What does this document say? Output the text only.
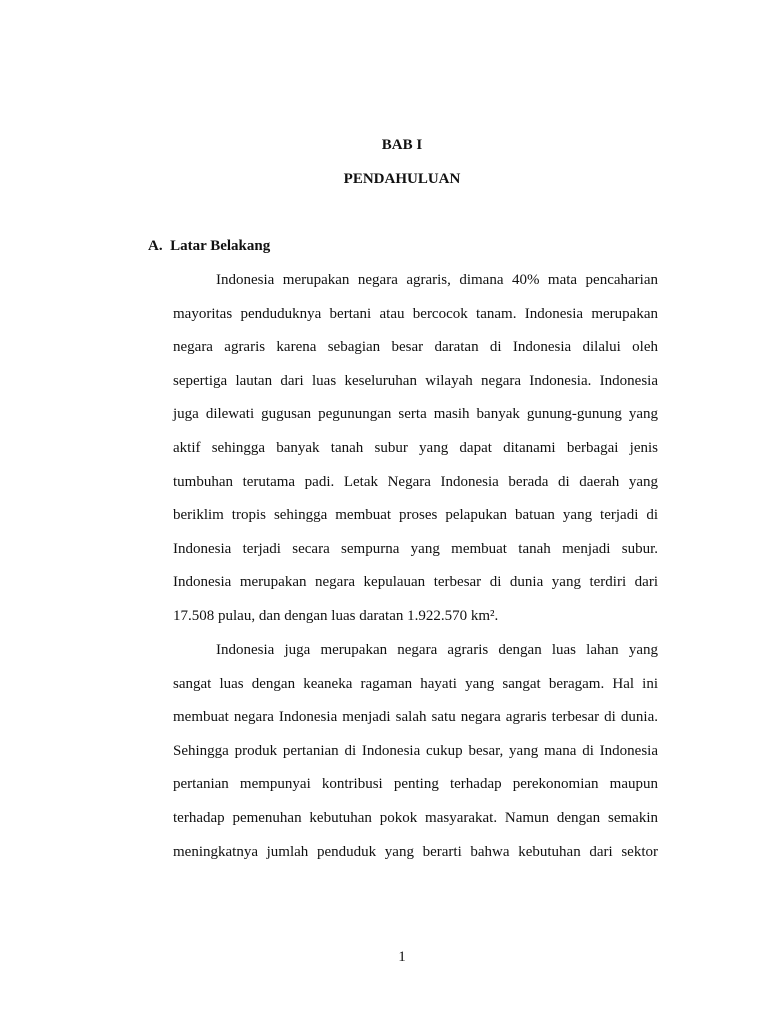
BAB I
PENDAHULUAN
A.  Latar Belakang
Indonesia merupakan negara agraris, dimana 40% mata pencaharian
mayoritas penduduknya bertani atau bercocok tanam. Indonesia merupakan
negara agraris karena sebagian besar daratan di Indonesia dilalui oleh
sepertiga lautan dari luas keseluruhan wilayah negara Indonesia. Indonesia
juga dilewati gugusan pegunungan serta masih banyak gunung-gunung yang
aktif sehingga banyak tanah subur yang dapat ditanami berbagai jenis
tumbuhan terutama padi. Letak Negara Indonesia berada di daerah yang
beriklim tropis sehingga membuat proses pelapukan batuan yang terjadi di
Indonesia terjadi secara sempurna yang membuat tanah menjadi subur.
Indonesia merupakan negara kepulauan terbesar di dunia yang terdiri dari
17.508 pulau, dan dengan luas daratan 1.922.570 km².
Indonesia juga merupakan negara agraris dengan luas lahan yang
sangat luas dengan keaneka ragaman hayati yang sangat beragam. Hal ini
membuat negara Indonesia menjadi salah satu negara agraris terbesar di dunia.
Sehingga produk pertanian di Indonesia cukup besar, yang mana di Indonesia
pertanian mempunyai kontribusi penting terhadap perekonomian maupun
terhadap pemenuhan kebutuhan pokok masyarakat. Namun dengan semakin
meningkatnya jumlah penduduk yang berarti bahwa kebutuhan dari sektor
1
